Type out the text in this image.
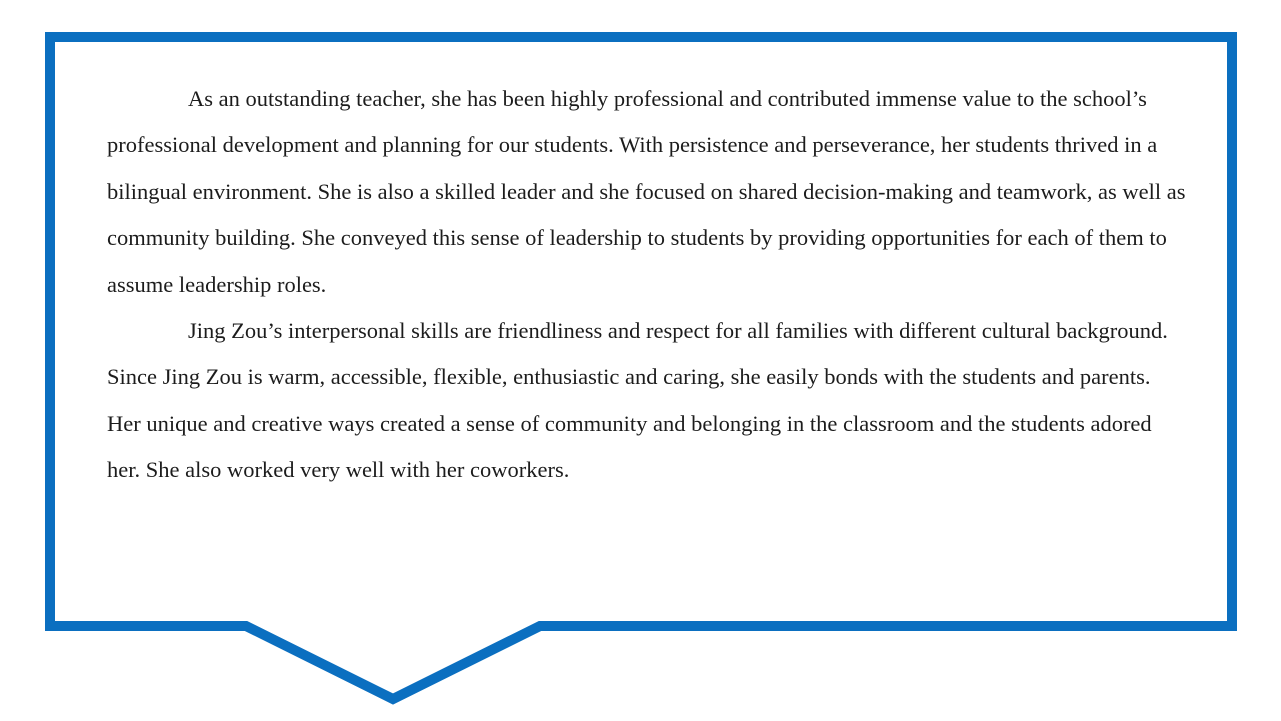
As an outstanding teacher, she has been highly professional and contributed immense value to the school’s professional development and planning for our students. With persistence and perseverance, her students thrived in a bilingual environment. She is also a skilled leader and she focused on shared decision-making and teamwork, as well as community building. She conveyed this sense of leadership to students by providing opportunities for each of them to assume leadership roles.

Jing Zou’s interpersonal skills are friendliness and respect for all families with different cultural background. Since Jing Zou is warm, accessible, flexible, enthusiastic and caring, she easily bonds with the students and parents. Her unique and creative ways created a sense of community and belonging in the classroom and the students adored her. She also worked very well with her coworkers.
